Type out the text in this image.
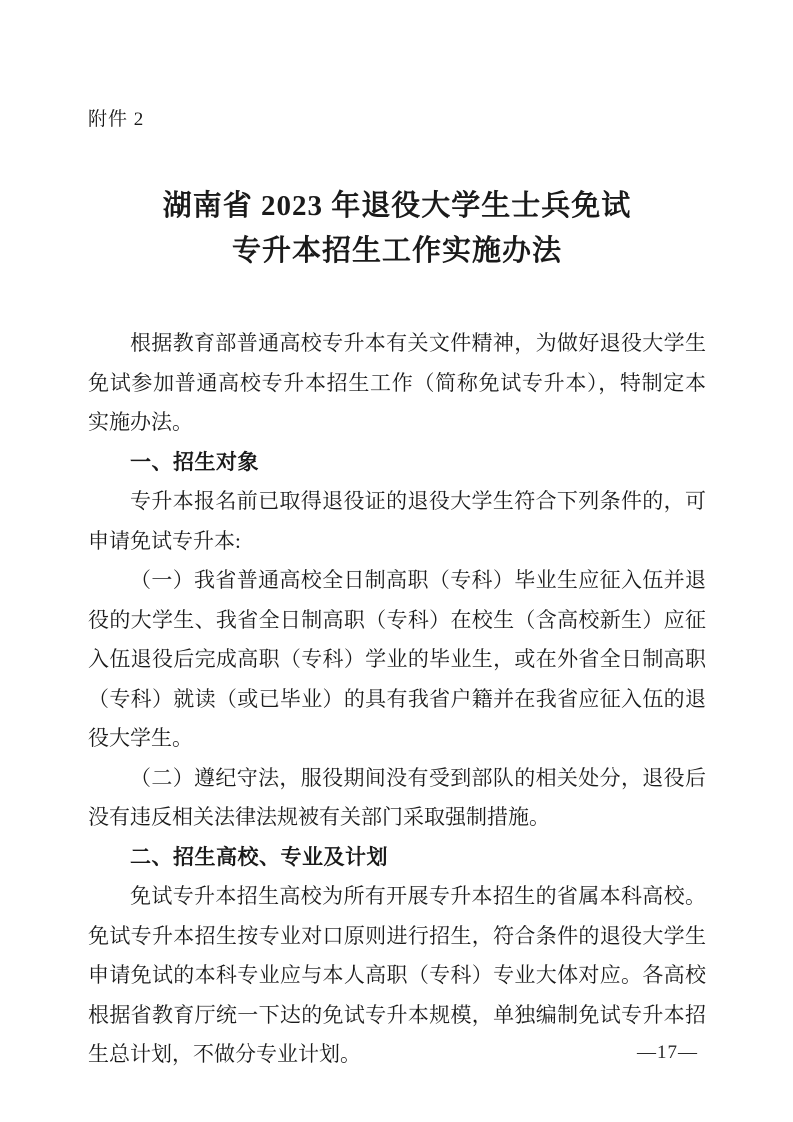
附件 2
湖南省 2023 年退役大学生士兵免试
专升本招生工作实施办法

根据教育部普通高校专升本有关文件精神，为做好退役大学生免试参加普通高校专升本招生工作（简称免试专升本），特制定本实施办法。

一、招生对象

专升本报名前已取得退役证的退役大学生符合下列条件的，可申请免试专升本:

（一）我省普通高校全日制高职（专科）毕业生应征入伍并退役的大学生、我省全日制高职（专科）在校生（含高校新生）应征入伍退役后完成高职（专科）学业的毕业生，或在外省全日制高职（专科）就读（或已毕业）的具有我省户籍并在我省应征入伍的退役大学生。

（二）遵纪守法，服役期间没有受到部队的相关处分，退役后没有违反相关法律法规被有关部门采取强制措施。

二、招生高校、专业及计划

免试专升本招生高校为所有开展专升本招生的省属本科高校。免试专升本招生按专业对口原则进行招生，符合条件的退役大学生申请免试的本科专业应与本人高职（专科）专业大体对应。各高校根据省教育厅统一下达的免试专升本规模，单独编制免试专升本招生总计划，不做分专业计划。	—17—
